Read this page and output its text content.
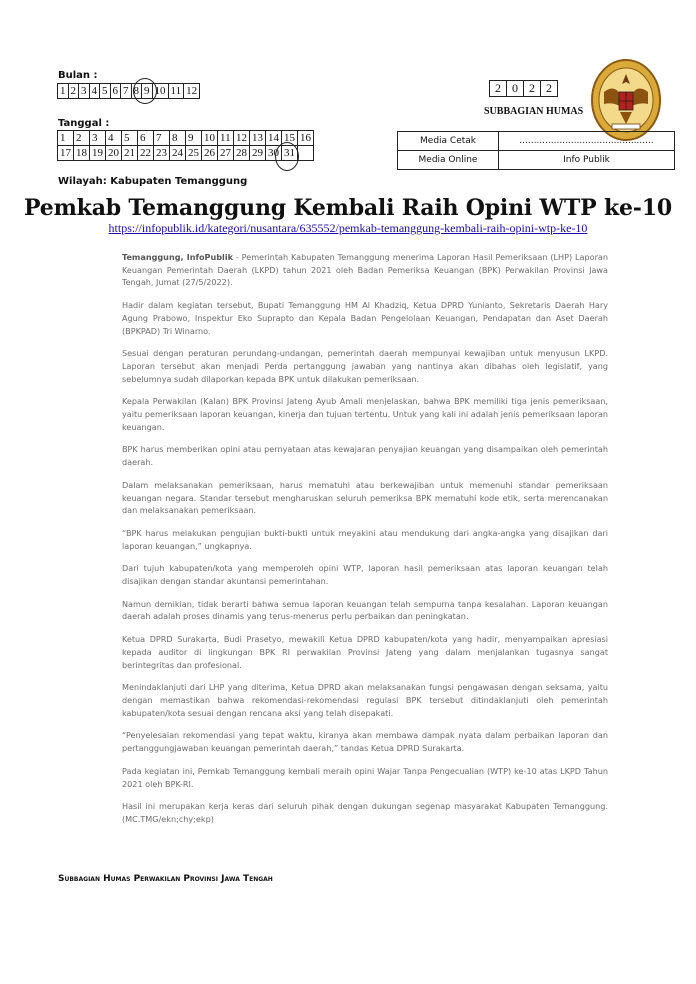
Bulan :
1	2	3	4	5	6	7	8	9	10	11	12	2	0	2	2
SUBBAGIAN HUMAS
Tanggal :
1	2	3	4	5	6	7	8	9	10	11	12	13	14	15	16
17	18	19	20	21	22	23	24	25	26	27	28	29	30	31	
Media Cetak	...............................................
Media Online	Info Publik
Wilayah: Kabupaten Temanggung
Pemkab Temanggung Kembali Raih Opini WTP ke-10
https://infopublik.id/kategori/nusantara/635552/pemkab-temanggung-kembali-raih-opini-wtp-ke-10

Temanggung, InfoPublik - Pemerintah Kabupaten Temanggung menerima Laporan Hasil Pemeriksaan (LHP) Laporan Keuangan Pemerintah Daerah (LKPD) tahun 2021 oleh Badan Pemeriksa Keuangan (BPK) Perwakilan Provinsi Jawa Tengah, Jumat (27/5/2022).

Hadir dalam kegiatan tersebut, Bupati Temanggung HM Al Khadziq, Ketua DPRD Yunianto, Sekretaris Daerah Hary Agung Prabowo, Inspektur Eko Suprapto dan Kepala Badan Pengelolaan Keuangan, Pendapatan dan Aset Daerah (BPKPAD) Tri Winarno.

Sesuai dengan peraturan perundang-undangan, pemerintah daerah mempunyai kewajiban untuk menyusun LKPD. Laporan tersebut akan menjadi Perda pertanggung jawaban yang nantinya akan dibahas oleh legislatif, yang sebelumnya sudah dilaporkan kepada BPK untuk dilakukan pemeriksaan.

Kepala Perwakilan (Kalan) BPK Provinsi Jateng Ayub Amali menjelaskan, bahwa BPK memiliki tiga jenis pemeriksaan, yaitu pemeriksaan laporan keuangan, kinerja dan tujuan tertentu. Untuk yang kali ini adalah jenis pemeriksaan laporan keuangan.

BPK harus memberikan opini atau pernyataan atas kewajaran penyajian keuangan yang disampaikan oleh pemerintah daerah.

Dalam melaksanakan pemeriksaan, harus mematuhi atau berkewajiban untuk memenuhi standar pemeriksaan keuangan negara. Standar tersebut mengharuskan seluruh pemeriksa BPK mematuhi kode etik, serta merencanakan dan melaksanakan pemeriksaan.

“BPK harus melakukan pengujian bukti-bukti untuk meyakini atau mendukung dari angka-angka yang disajikan dari laporan keuangan,” ungkapnya.

Dari tujuh kabupaten/kota yang memperoleh opini WTP, laporan hasil pemeriksaan atas laporan keuangan telah disajikan dengan standar akuntansi pemerintahan.

Namun demikian, tidak berarti bahwa semua laporan keuangan telah sempurna tanpa kesalahan. Laporan keuangan daerah adalah proses dinamis yang terus-menerus perlu perbaikan dan peningkatan.

Ketua DPRD Surakarta, Budi Prasetyo, mewakili Ketua DPRD kabupaten/kota yang hadir, menyampaikan apresiasi kepada auditor di lingkungan BPK RI perwakilan Provinsi Jateng yang dalam menjalankan tugasnya sangat berintegritas dan profesional.

Menindaklanjuti dari LHP yang diterima, Ketua DPRD akan melaksanakan fungsi pengawasan dengan seksama, yaitu dengan memastikan bahwa rekomendasi-rekomendasi regulasi BPK tersebut ditindaklanjuti oleh pemerintah kabupaten/kota sesuai dengan rencana aksi yang telah disepakati.

“Penyelesaian rekomendasi yang tepat waktu, kiranya akan membawa dampak nyata dalam perbaikan laporan dan pertanggungjawaban keuangan pemerintah daerah,” tandas Ketua DPRD Surakarta.

Pada kegiatan ini, Pemkab Temanggung kembali meraih opini Wajar Tanpa Pengecualian (WTP) ke-10 atas LKPD Tahun 2021 oleh BPK-RI.

Hasil ini merupakan kerja keras dari seluruh pihak dengan dukungan segenap masyarakat Kabupaten Temanggung. (MC.TMG/ekn;chy;ekp)

Subbagian Humas Perwakilan Provinsi Jawa Tengah
